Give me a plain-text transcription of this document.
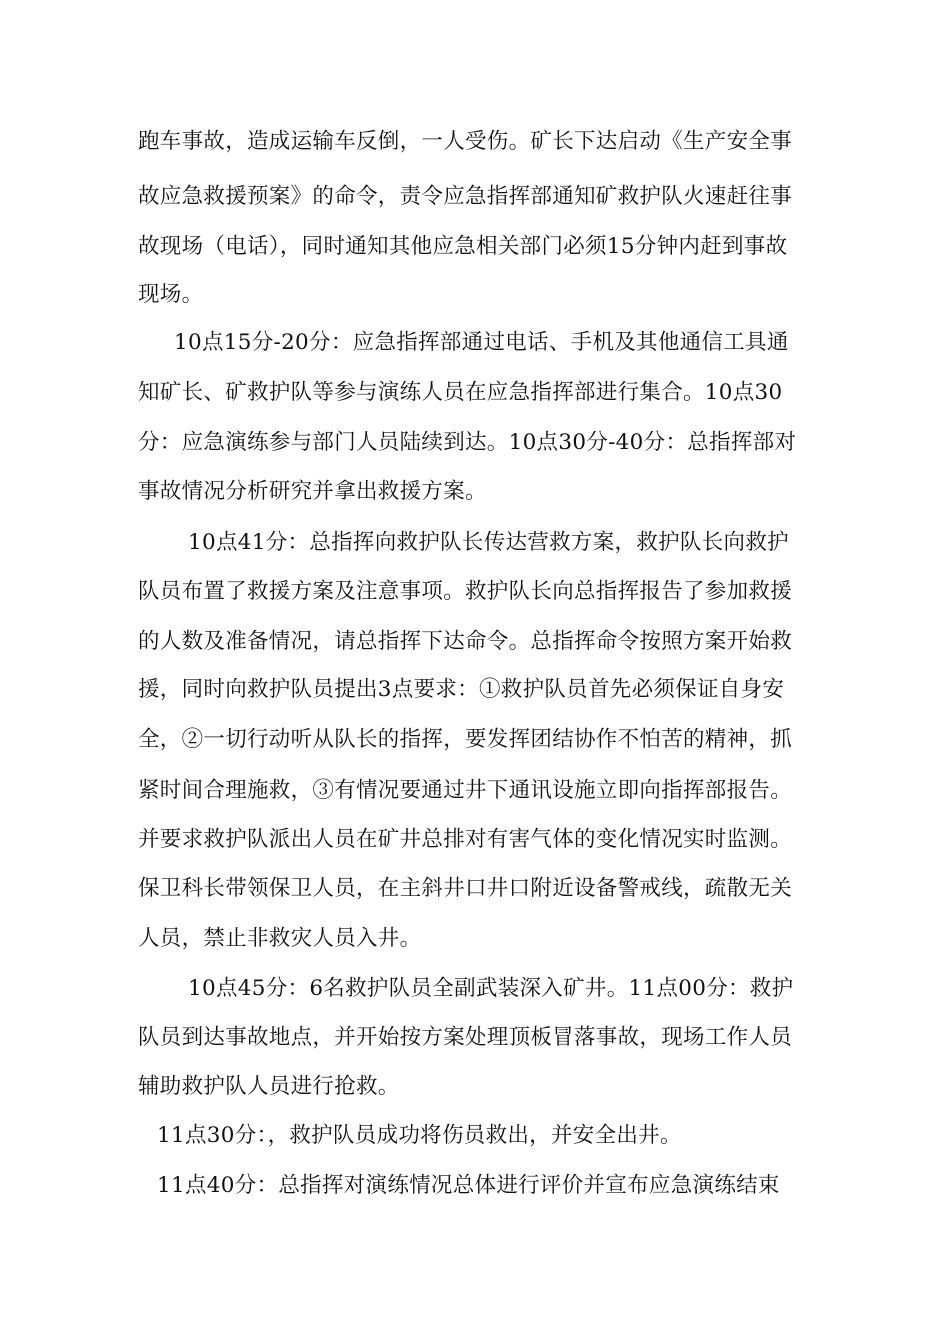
跑车事故，造成运输车反倒，一人受伤。矿长下达启动《生产安全事
故应急救援预案》的命令，责令应急指挥部通知矿救护队火速赶往事
故现场（电话），同时通知其他应急相关部门必须15分钟内赶到事故
现场。
10点15分-20分：应急指挥部通过电话、手机及其他通信工具通
知矿长、矿救护队等参与演练人员在应急指挥部进行集合。10点30
分：应急演练参与部门人员陆续到达。10点30分-40分：总指挥部对
事故情况分析研究并拿出救援方案。
10点41分：总指挥向救护队长传达营救方案，救护队长向救护
队员布置了救援方案及注意事项。救护队长向总指挥报告了参加救援
的人数及准备情况，请总指挥下达命令。总指挥命令按照方案开始救
援，同时向救护队员提出3点要求：①救护队员首先必须保证自身安
全，②一切行动听从队长的指挥，要发挥团结协作不怕苦的精神，抓
紧时间合理施救，③有情况要通过井下通讯设施立即向指挥部报告。
并要求救护队派出人员在矿井总排对有害气体的变化情况实时监测。
保卫科长带领保卫人员，在主斜井口井口附近设备警戒线，疏散无关
人员，禁止非救灾人员入井。
10点45分：6名救护队员全副武装深入矿井。11点00分：救护
队员到达事故地点，并开始按方案处理顶板冒落事故，现场工作人员
辅助救护队人员进行抢救。
11点30分：，救护队员成功将伤员救出，并安全出井。
11点40分：总指挥对演练情况总体进行评价并宣布应急演练结束
